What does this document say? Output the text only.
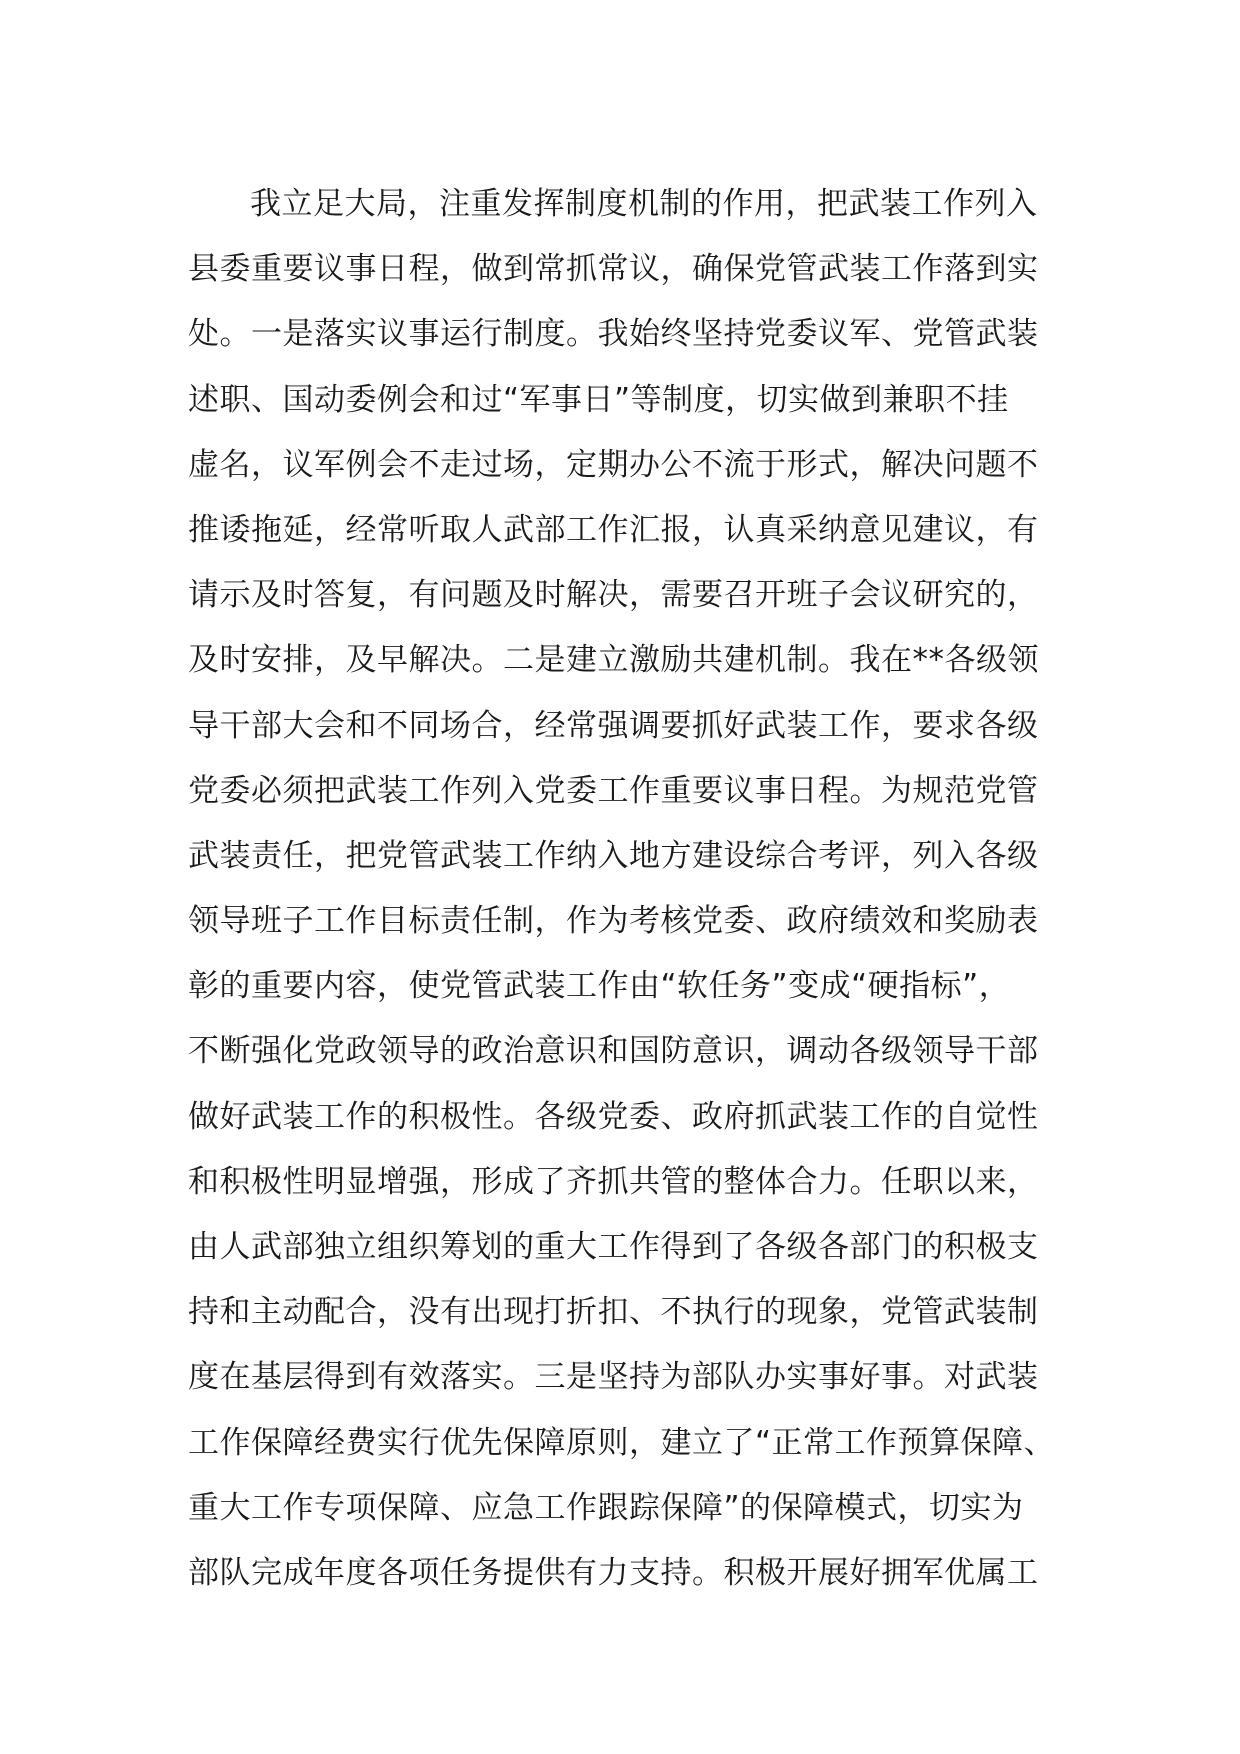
我立足大局，注重发挥制度机制的作用，把武装工作列入
县委重要议事日程，做到常抓常议，确保党管武装工作落到实
处。一是落实议事运行制度。我始终坚持党委议军、党管武装
述职、国动委例会和过“军事日”等制度，切实做到兼职不挂
虚名，议军例会不走过场，定期办公不流于形式，解决问题不
推诿拖延，经常听取人武部工作汇报，认真采纳意见建议，有
请示及时答复，有问题及时解决，需要召开班子会议研究的，
及时安排，及早解决。二是建立激励共建机制。我在**各级领
导干部大会和不同场合，经常强调要抓好武装工作，要求各级
党委必须把武装工作列入党委工作重要议事日程。为规范党管
武装责任，把党管武装工作纳入地方建设综合考评，列入各级
领导班子工作目标责任制，作为考核党委、政府绩效和奖励表
彰的重要内容，使党管武装工作由“软任务”变成“硬指标”，
不断强化党政领导的政治意识和国防意识，调动各级领导干部
做好武装工作的积极性。各级党委、政府抓武装工作的自觉性
和积极性明显增强，形成了齐抓共管的整体合力。任职以来，
由人武部独立组织筹划的重大工作得到了各级各部门的积极支
持和主动配合，没有出现打折扣、不执行的现象，党管武装制
度在基层得到有效落实。三是坚持为部队办实事好事。对武装
工作保障经费实行优先保障原则，建立了“正常工作预算保障、
重大工作专项保障、应急工作跟踪保障”的保障模式，切实为
部队完成年度各项任务提供有力支持。积极开展好拥军优属工
